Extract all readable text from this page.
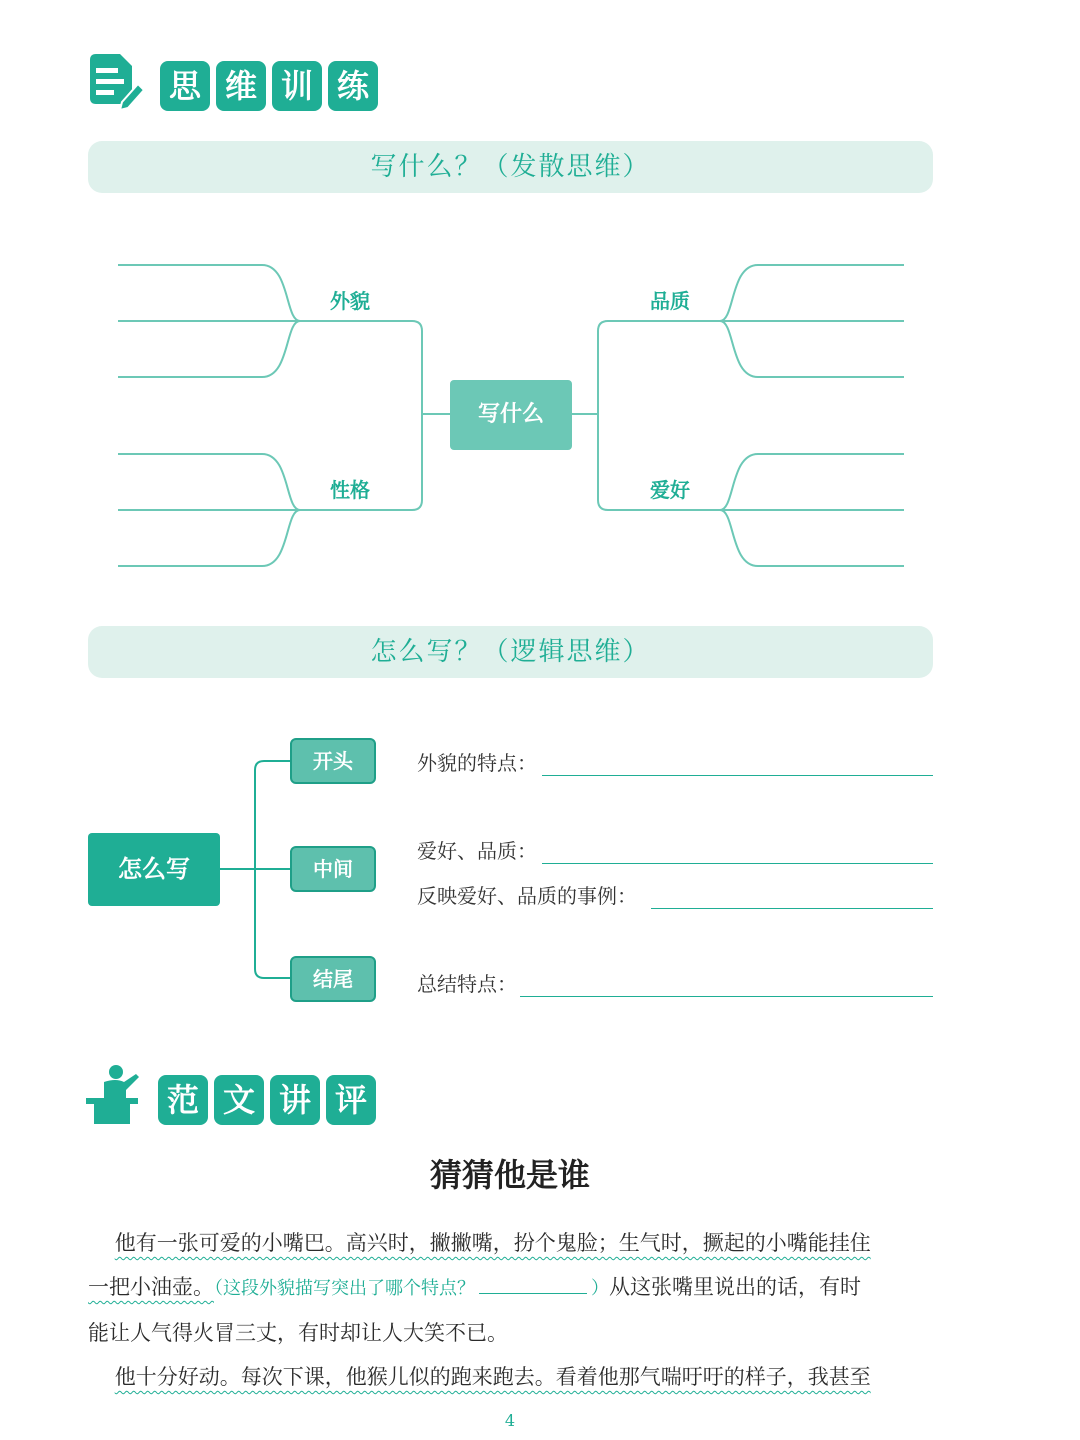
思 维 训 练
写什么？（发散思维）
写什么
外貌	品质
性格	爱好
怎么写？（逻辑思维）
怎么写
开头
中间
结尾
外貌的特点：
爱好、品质：
反映爱好、品质的事例：
总结特点：
范 文 讲 评
猜猜他是谁
他有一张可爱的小嘴巴。高兴时，撇撇嘴，扮个鬼脸；生气时，撅起的小嘴能挂住
一把小油壶。（这段外貌描写突出了哪个特点？	）从这张嘴里说出的话，有时
能让人气得火冒三丈，有时却让人大笑不已。
他十分好动。每次下课，他猴儿似的跑来跑去。看着他那气喘吁吁的样子，我甚至
4
